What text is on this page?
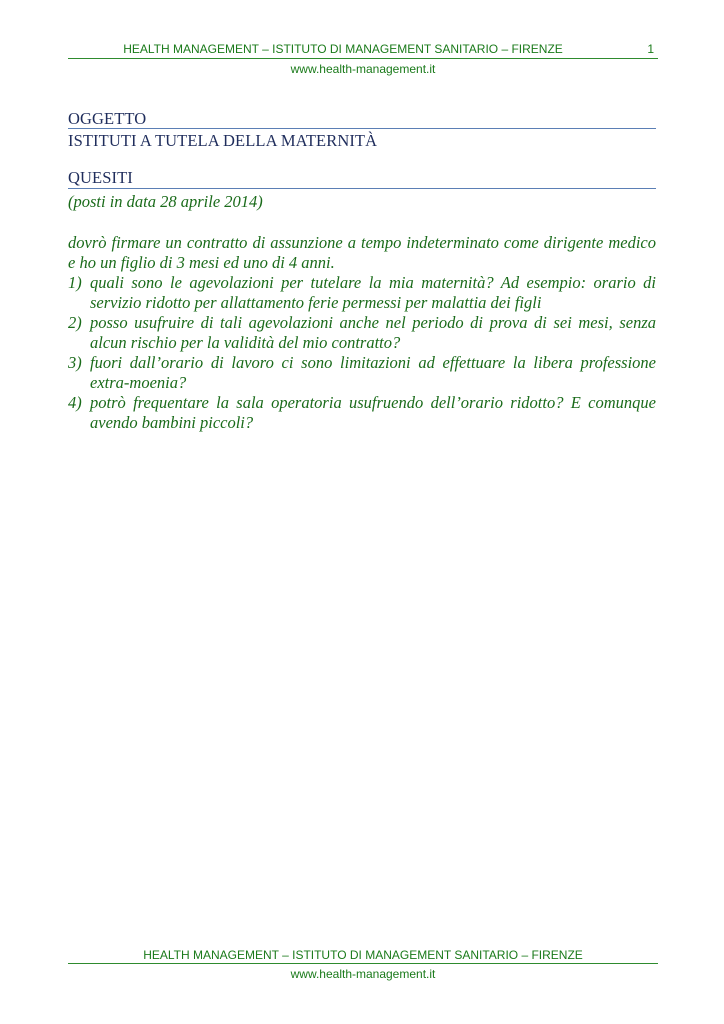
HEALTH MANAGEMENT – ISTITUTO DI MANAGEMENT SANITARIO – FIRENZE	1
www.health-management.it
OGGETTO
ISTITUTI A TUTELA DELLA MATERNITÀ
QUESITI
(posti in data 28 aprile 2014)
dovrò firmare un contratto di assunzione a tempo indeterminato come dirigente medico e ho un figlio di 3 mesi ed uno di 4 anni.
1) quali sono le agevolazioni per tutelare la mia maternità? Ad esempio: orario di servizio ridotto per allattamento ferie permessi per malattia dei figli
2) posso usufruire di tali agevolazioni anche nel periodo di prova di sei mesi, senza alcun rischio per la validità del mio contratto?
3) fuori dall’orario di lavoro ci sono limitazioni ad effettuare la libera professione extra-moenia?
4) potrò frequentare la sala operatoria usufruendo dell’orario ridotto? E comunque avendo bambini piccoli?
HEALTH MANAGEMENT – ISTITUTO DI MANAGEMENT SANITARIO – FIRENZE
www.health-management.it
